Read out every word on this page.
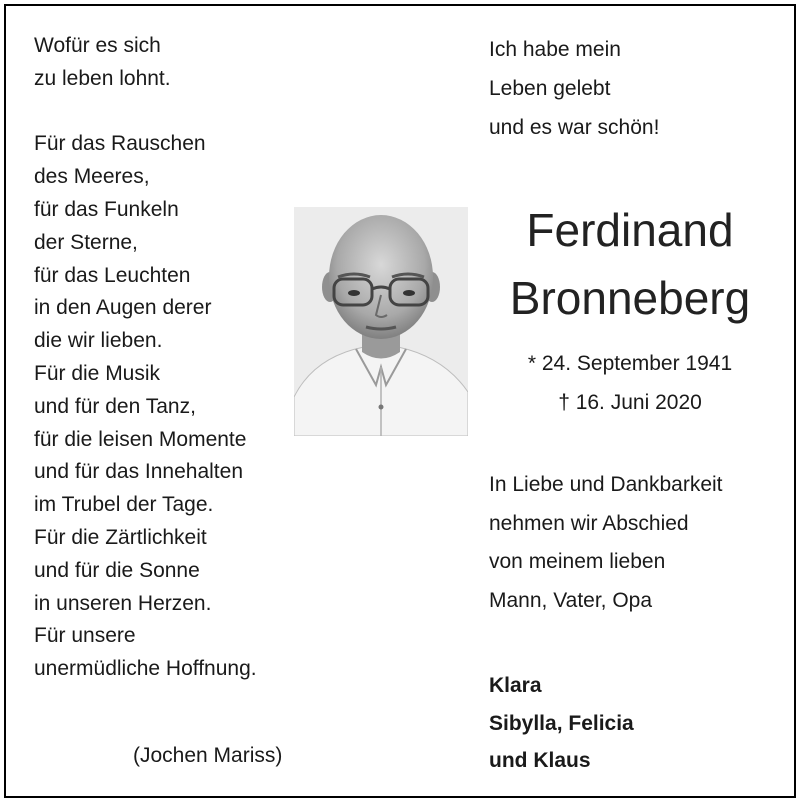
Wofür es sich
zu leben lohnt.
Für das Rauschen
des Meeres,
für das Funkeln
der Sterne,
für das Leuchten
in den Augen derer
die wir lieben.
Für die Musik
und für den Tanz,
für die leisen Momente
und für das Innehalten
im Trubel der Tage.
Für die Zärtlichkeit
und für die Sonne
in unseren Herzen.
Für unsere
unermüdliche Hoffnung.
(Jochen Mariss)
Ich habe mein
Leben gelebt
und es war schön!
Ferdinand
Bronneberg
* 24. September 1941
† 16. Juni 2020
In Liebe und Dankbarkeit
nehmen wir Abschied
von meinem lieben
Mann, Vater, Opa
Klara
Sibylla, Felicia
und Klaus
